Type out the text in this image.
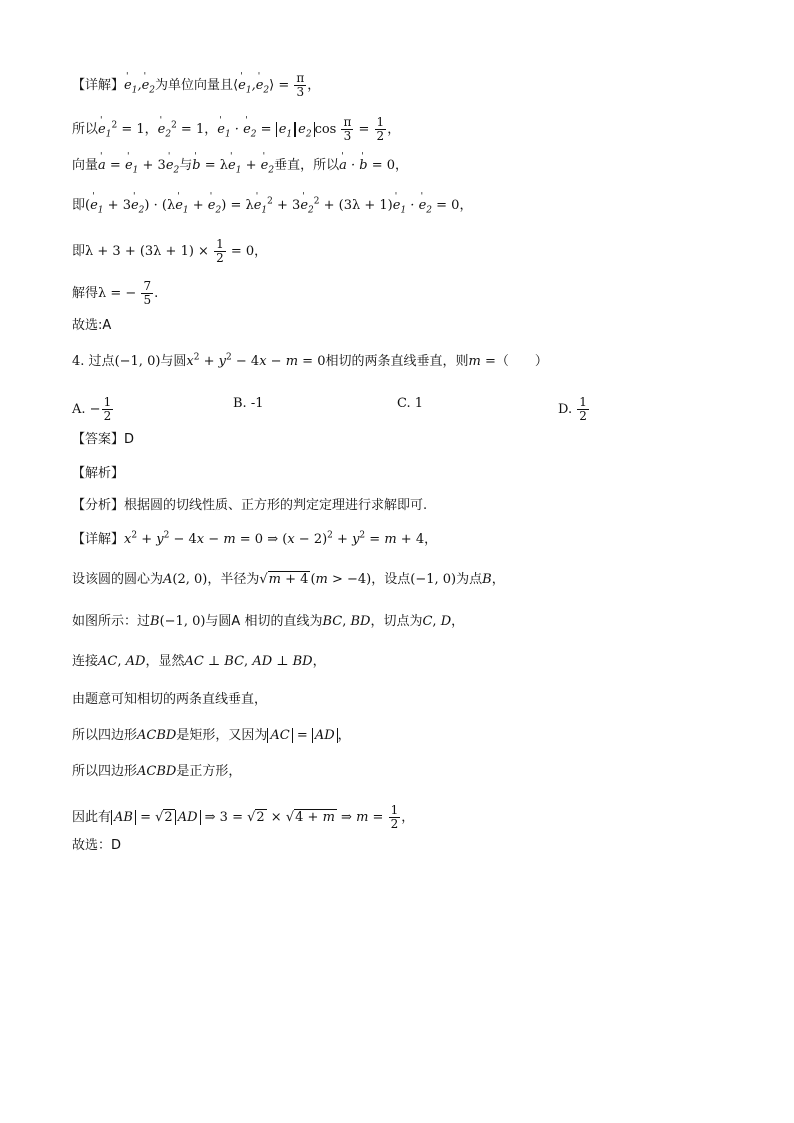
【详解】' $e_1,'$ $e_2$为单位向量且⟨' $e_1,'$ $e_2⟩ = \frac{\pi}{3}$ ，
所以' $e_1^2 = 1$，' $e_2^2 = 1$，' $e_1$ · ' $e_2 = e_1$ $e_2$ $\cos \frac{\pi}{3} = \frac{1}{2}$ ，
向量' a = ' $e_1 + 3'$ $e_2$与' b = λ' $e_1$ + ' $e_2$垂直，所以' a · ' b = 0，
即(' $e_1 + 3'$ $e_2) \cdot (\lambda'$ $e_1$ + ' $e_2) = \lambda'$ $e_1^2 + 3'$ $e_2^2 + (3\lambda + 1)'$ $e_1$ · ' $e_2 = 0$，
即$\lambda + 3 + (3\lambda + 1) \times \frac{1}{2} = 0$，
解得λ = − $\frac{7}{5}$ .
故选:A
4. 过点(−1, 0)与圆$x^2 + y^2 - 4x - m = 0$相切的两条直线垂直，则m =（　　）
A. − $\frac{1}{2}$	B. -1	C. 1	D. $\frac{1}{2}$
【答案】D
【解析】
【分析】根据圆的切线性质、正方形的判定定理进行求解即可.
【详解】$x^2 + y^2 - 4x - m = 0$ ⇒ $(x - 2)^2 + y^2 = m + 4$，
设该圆的圆心为A(2, 0)，半径为√m + 4 (m > −4)，设点(−1, 0)为点B，
如图所示：过B(−1, 0)与圆A 相切的直线为BC, BD，切点为C, D，
连接AC, AD，显然AC ⊥ BC, AD ⊥ BD，
由题意可知相切的两条直线垂直，
所以四边形ACBD是矩形，又因为 AC = AD ，
所以四边形ACBD是正方形，
因此有 AB = √2 AD ⇒ 3 = √2 × √4 + m ⇒ $m = \frac{1}{2}$ ，
故选：D
